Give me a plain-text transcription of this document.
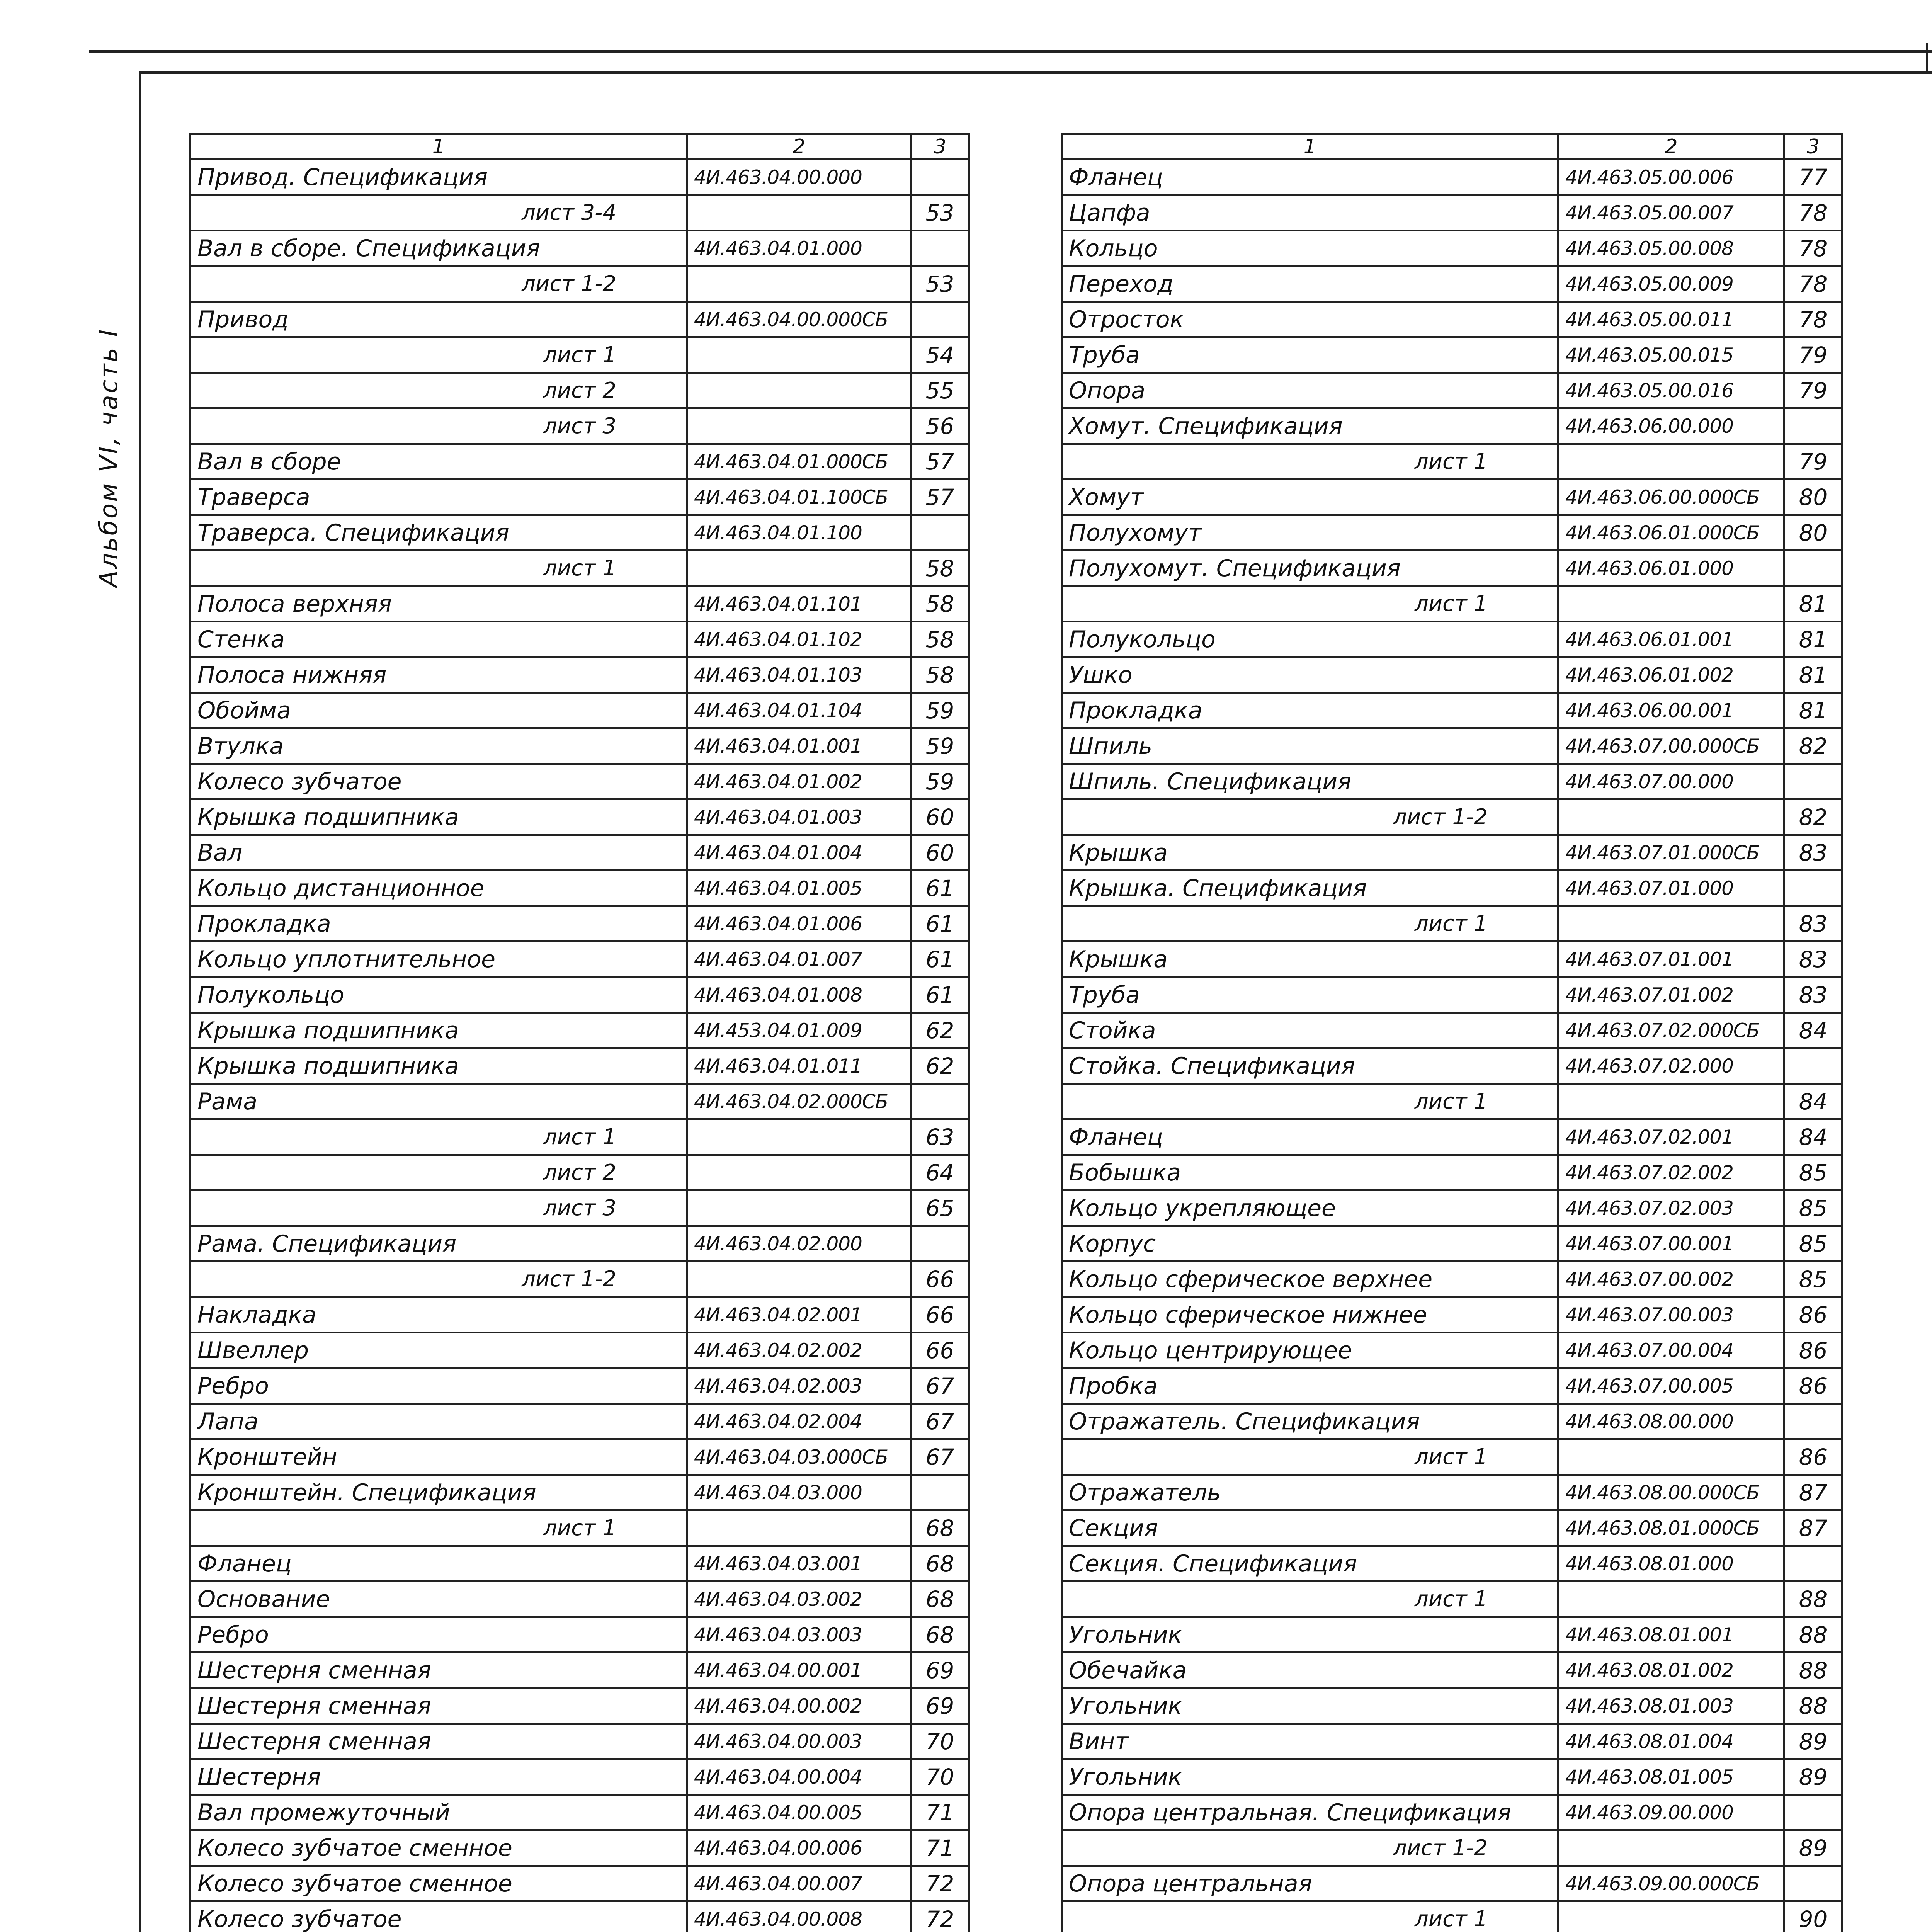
Альбом VI, часть I
1	2	3
Привод. Спецификация	4И.463.04.00.000	
лист 3-4		53
Вал в сборе. Спецификация	4И.463.04.01.000	
лист 1-2		53
Привод	4И.463.04.00.000СБ	
лист 1		54
лист 2		55
лист 3		56
Вал в сборе	4И.463.04.01.000СБ	57
Траверса	4И.463.04.01.100СБ	57
Траверса. Спецификация	4И.463.04.01.100	
лист 1		58
Полоса верхняя	4И.463.04.01.101	58
Стенка	4И.463.04.01.102	58
Полоса нижняя	4И.463.04.01.103	58
Обойма	4И.463.04.01.104	59
Втулка	4И.463.04.01.001	59
Колесо зубчатое	4И.463.04.01.002	59
Крышка подшипника	4И.463.04.01.003	60
Вал	4И.463.04.01.004	60
Кольцо дистанционное	4И.463.04.01.005	61
Прокладка	4И.463.04.01.006	61
Кольцо уплотнительное	4И.463.04.01.007	61
Полукольцо	4И.463.04.01.008	61
Крышка подшипника	4И.453.04.01.009	62
Крышка подшипника	4И.463.04.01.011	62
Рама	4И.463.04.02.000СБ	
лист 1		63
лист 2		64
лист 3		65
Рама. Спецификация	4И.463.04.02.000	
лист 1-2		66
Накладка	4И.463.04.02.001	66
Швеллер	4И.463.04.02.002	66
Ребро	4И.463.04.02.003	67
Лапа	4И.463.04.02.004	67
Кронштейн	4И.463.04.03.000СБ	67
Кронштейн. Спецификация	4И.463.04.03.000	
лист 1		68
Фланец	4И.463.04.03.001	68
Основание	4И.463.04.03.002	68
Ребро	4И.463.04.03.003	68
Шестерня сменная	4И.463.04.00.001	69
Шестерня сменная	4И.463.04.00.002	69
Шестерня сменная	4И.463.04.00.003	70
Шестерня	4И.463.04.00.004	70
Вал промежуточный	4И.463.04.00.005	71
Колесо зубчатое сменное	4И.463.04.00.006	71
Колесо зубчатое сменное	4И.463.04.00.007	72
Колесо зубчатое	4И.463.04.00.008	72

1	2	3
Фланец	4И.463.05.00.006	77
Цапфа	4И.463.05.00.007	78
Кольцо	4И.463.05.00.008	78
Переход	4И.463.05.00.009	78
Отросток	4И.463.05.00.011	78
Труба	4И.463.05.00.015	79
Опора	4И.463.05.00.016	79
Хомут. Спецификация	4И.463.06.00.000	
лист 1		79
Хомут	4И.463.06.00.000СБ	80
Полухомут	4И.463.06.01.000СБ	80
Полухомут. Спецификация	4И.463.06.01.000	
лист 1		81
Полукольцо	4И.463.06.01.001	81
Ушко	4И.463.06.01.002	81
Прокладка	4И.463.06.00.001	81
Шпиль	4И.463.07.00.000СБ	82
Шпиль. Спецификация	4И.463.07.00.000	
лист 1-2		82
Крышка	4И.463.07.01.000СБ	83
Крышка. Спецификация	4И.463.07.01.000	
лист 1		83
Крышка	4И.463.07.01.001	83
Труба	4И.463.07.01.002	83
Стойка	4И.463.07.02.000СБ	84
Стойка. Спецификация	4И.463.07.02.000	
лист 1		84
Фланец	4И.463.07.02.001	84
Бобышка	4И.463.07.02.002	85
Кольцо укрепляющее	4И.463.07.02.003	85
Корпус	4И.463.07.00.001	85
Кольцо сферическое верхнее	4И.463.07.00.002	85
Кольцо сферическое нижнее	4И.463.07.00.003	86
Кольцо центрирующее	4И.463.07.00.004	86
Пробка	4И.463.07.00.005	86
Отражатель. Спецификация	4И.463.08.00.000	
лист 1		86
Отражатель	4И.463.08.00.000СБ	87
Секция	4И.463.08.01.000СБ	87
Секция. Спецификация	4И.463.08.01.000	
лист 1		88
Угольник	4И.463.08.01.001	88
Обечайка	4И.463.08.01.002	88
Угольник	4И.463.08.01.003	88
Винт	4И.463.08.01.004	89
Угольник	4И.463.08.01.005	89
Опора центральная. Спецификация	4И.463.09.00.000	
лист 1-2		89
Опора центральная	4И.463.09.00.000СБ	
лист 1		90
